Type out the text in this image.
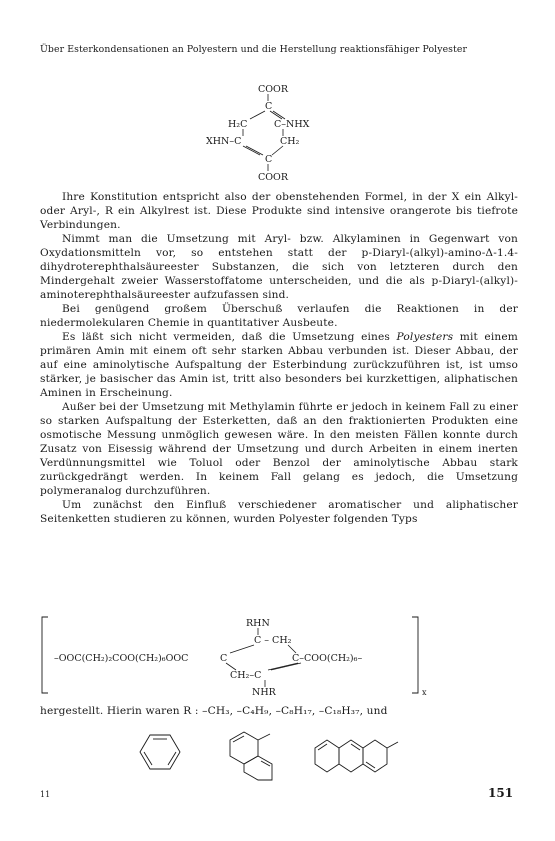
Über Esterkondensationen an Polyestern und die Herstellung reaktionsfähiger Polyester
COOR
C
H₂C	C–NHX
XHN–C	CH₂
C
COOR

Ihre Konstitution entspricht also der obenstehenden Formel, in der X ein Alkyl- oder Aryl-, R ein Alkylrest ist. Diese Produkte sind intensive orangerote bis tiefrote Verbindungen.

Nimmt man die Umsetzung mit Aryl- bzw. Alkylaminen in Gegenwart von Oxydationsmitteln vor, so entstehen statt der p-Diaryl-(alkyl)-amino-Δ-1.4-dihydroterephthalsäureester Substanzen, die sich von letzteren durch den Mindergehalt zweier Wasserstoffatome unterscheiden, und die als p-Diaryl-(alkyl)-aminoterephthalsäureester aufzufassen sind.

Bei genügend großem Überschuß verlaufen die Reaktionen in der niedermolekularen Chemie in quantitativer Ausbeute.

Es läßt sich nicht vermeiden, daß die Umsetzung eines Polyesters mit einem primären Amin mit einem oft sehr starken Abbau verbunden ist. Dieser Abbau, der auf eine aminolytische Aufspaltung der Esterbindung zurückzuführen ist, ist umso stärker, je basischer das Amin ist, tritt also besonders bei kurzkettigen, aliphatischen Aminen in Erscheinung.

Außer bei der Umsetzung mit Methylamin führte er jedoch in keinem Fall zu einer so starken Aufspaltung der Esterketten, daß an den fraktionierten Produkten eine osmotische Messung unmöglich gewesen wäre. In den meisten Fällen konnte durch Zusatz von Eisessig während der Umsetzung und durch Arbeiten in einem inerten Verdünnungsmittel wie Toluol oder Benzol der aminolytische Abbau stark zurückgedrängt werden. In keinem Fall gelang es jedoch, die Umsetzung polymeranalog durchzuführen.

Um zunächst den Einfluß verschiedener aromatischer und aliphatischer Seitenketten studieren zu können, wurden Polyester folgenden Typs

RHN
C – CH₂
–OOC(CH₂)₂COO(CH₂)₆OOC	C	C–COO(CH₂)₆–
CH₂–C
NHR	x
hergestellt. Hierin waren R : –CH₃, –C₄H₉, –C₈H₁₇, –C₁₈H₃₇, und
11	151
